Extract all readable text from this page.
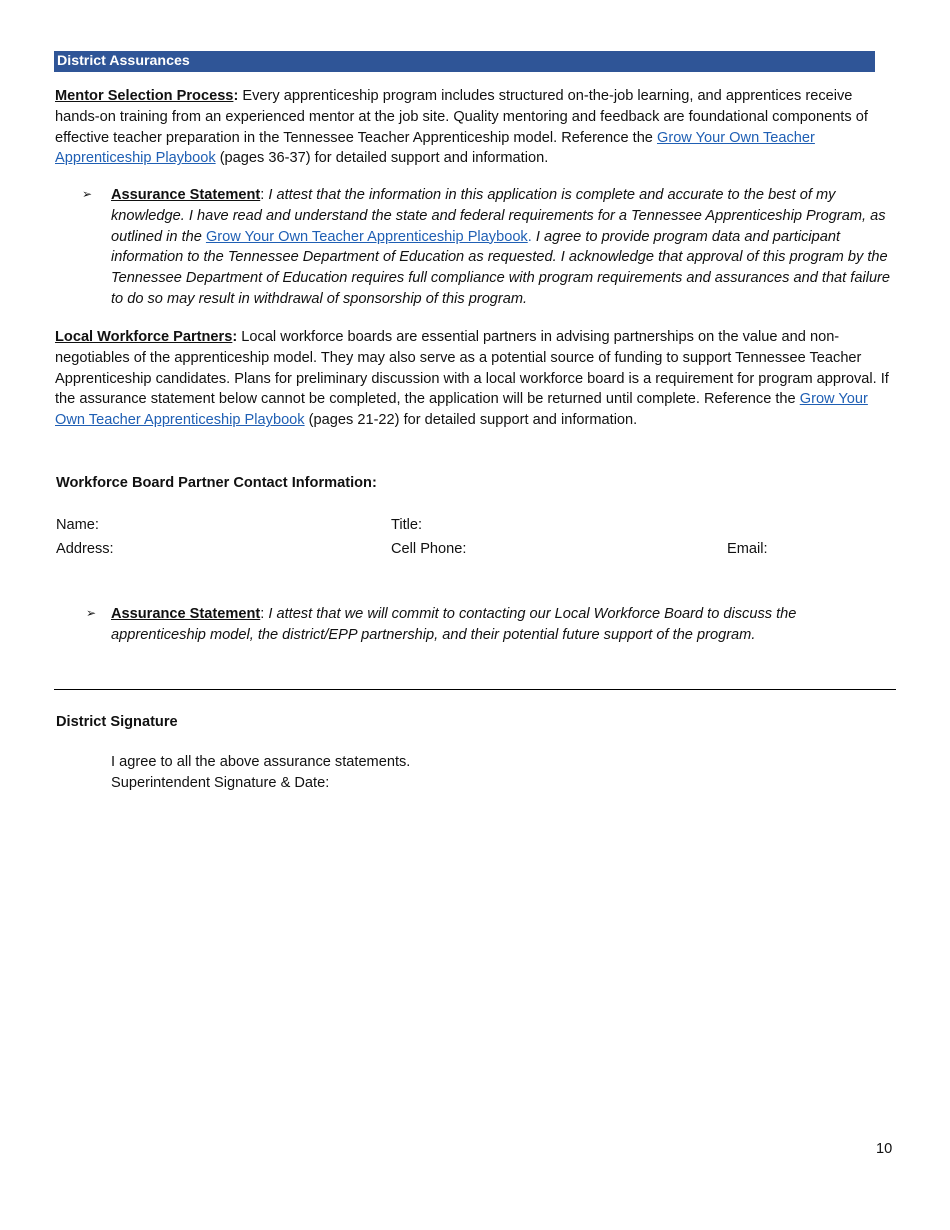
District Assurances

Mentor Selection Process: Every apprenticeship program includes structured on-the-job learning, and apprentices receive hands-on training from an experienced mentor at the job site. Quality mentoring and feedback are foundational components of effective teacher preparation in the Tennessee Teacher Apprenticeship model. Reference the Grow Your Own Teacher Apprenticeship Playbook (pages 36-37) for detailed support and information.

➢ Assurance Statement: I attest that the information in this application is complete and accurate to the best of my knowledge. I have read and understand the state and federal requirements for a Tennessee Apprenticeship Program, as outlined in the Grow Your Own Teacher Apprenticeship Playbook. I agree to provide program data and participant information to the Tennessee Department of Education as requested. I acknowledge that approval of this program by the Tennessee Department of Education requires full compliance with program requirements and assurances and that failure to do so may result in withdrawal of sponsorship of this program.

Local Workforce Partners: Local workforce boards are essential partners in advising partnerships on the value and non-negotiables of the apprenticeship model. They may also serve as a potential source of funding to support Tennessee Teacher Apprenticeship candidates. Plans for preliminary discussion with a local workforce board is a requirement for program approval. If the assurance statement below cannot be completed, the application will be returned until complete. Reference the Grow Your Own Teacher Apprenticeship Playbook (pages 21-22) for detailed support and information.

Workforce Board Partner Contact Information:
Name:	Title:
Address:	Cell Phone:	Email:
➢ Assurance Statement: I attest that we will commit to contacting our Local Workforce Board to discuss the apprenticeship model, the district/EPP partnership, and their potential future support of the program.

District Signature
I agree to all the above assurance statements.
Superintendent Signature & Date:
10
